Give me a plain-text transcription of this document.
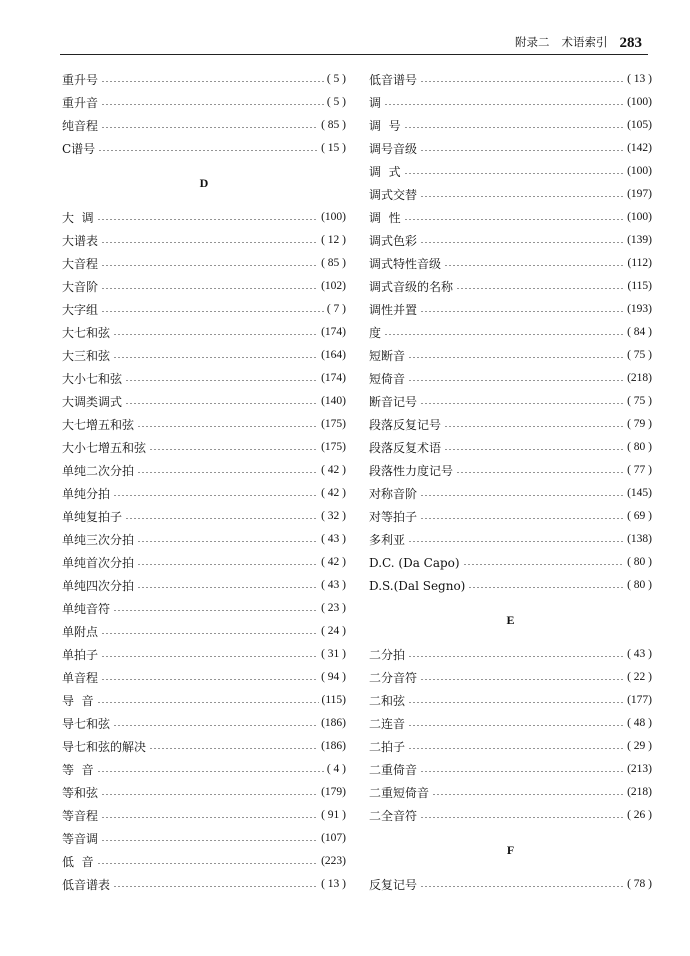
附录二 术语索引 283
重升号	( 5 )
重升音	( 5 )
纯音程	( 85 )
C谱号	( 15 )
D
大  调	(100)
大谱表	( 12 )
大音程	( 85 )
大音阶	(102)
大字组	( 7 )
大七和弦	(174)
大三和弦	(164)
大小七和弦	(174)
大调类调式	(140)
大七增五和弦	(175)
大小七增五和弦	(175)
单纯二次分拍	( 42 )
单纯分拍	( 42 )
单纯复拍子	( 32 )
单纯三次分拍	( 43 )
单纯首次分拍	( 42 )
单纯四次分拍	( 43 )
单纯音符	( 23 )
单附点	( 24 )
单拍子	( 31 )
单音程	( 94 )
导  音	(115)
导七和弦	(186)
导七和弦的解决	(186)
等  音	( 4 )
等和弦	(179)
等音程	( 91 )
等音调	(107)
低  音	(223)
低音谱表	( 13 )
低音谱号	( 13 )
调	(100)
调  号	(105)
调号音级	(142)
调  式	(100)
调式交替	(197)
调  性	(100)
调式色彩	(139)
调式特性音级	(112)
调式音级的名称	(115)
调性并置	(193)
度	( 84 )
短断音	( 75 )
短倚音	(218)
断音记号	( 75 )
段落反复记号	( 79 )
段落反复术语	( 80 )
段落性力度记号	( 77 )
对称音阶	(145)
对等拍子	( 69 )
多利亚	(138)
D.C. (Da Capo)	( 80 )
D.S.(Dal Segno)	( 80 )
E
二分拍	( 43 )
二分音符	( 22 )
二和弦	(177)
二连音	( 48 )
二拍子	( 29 )
二重倚音	(213)
二重短倚音	(218)
二全音符	( 26 )
F
反复记号	( 78 )
